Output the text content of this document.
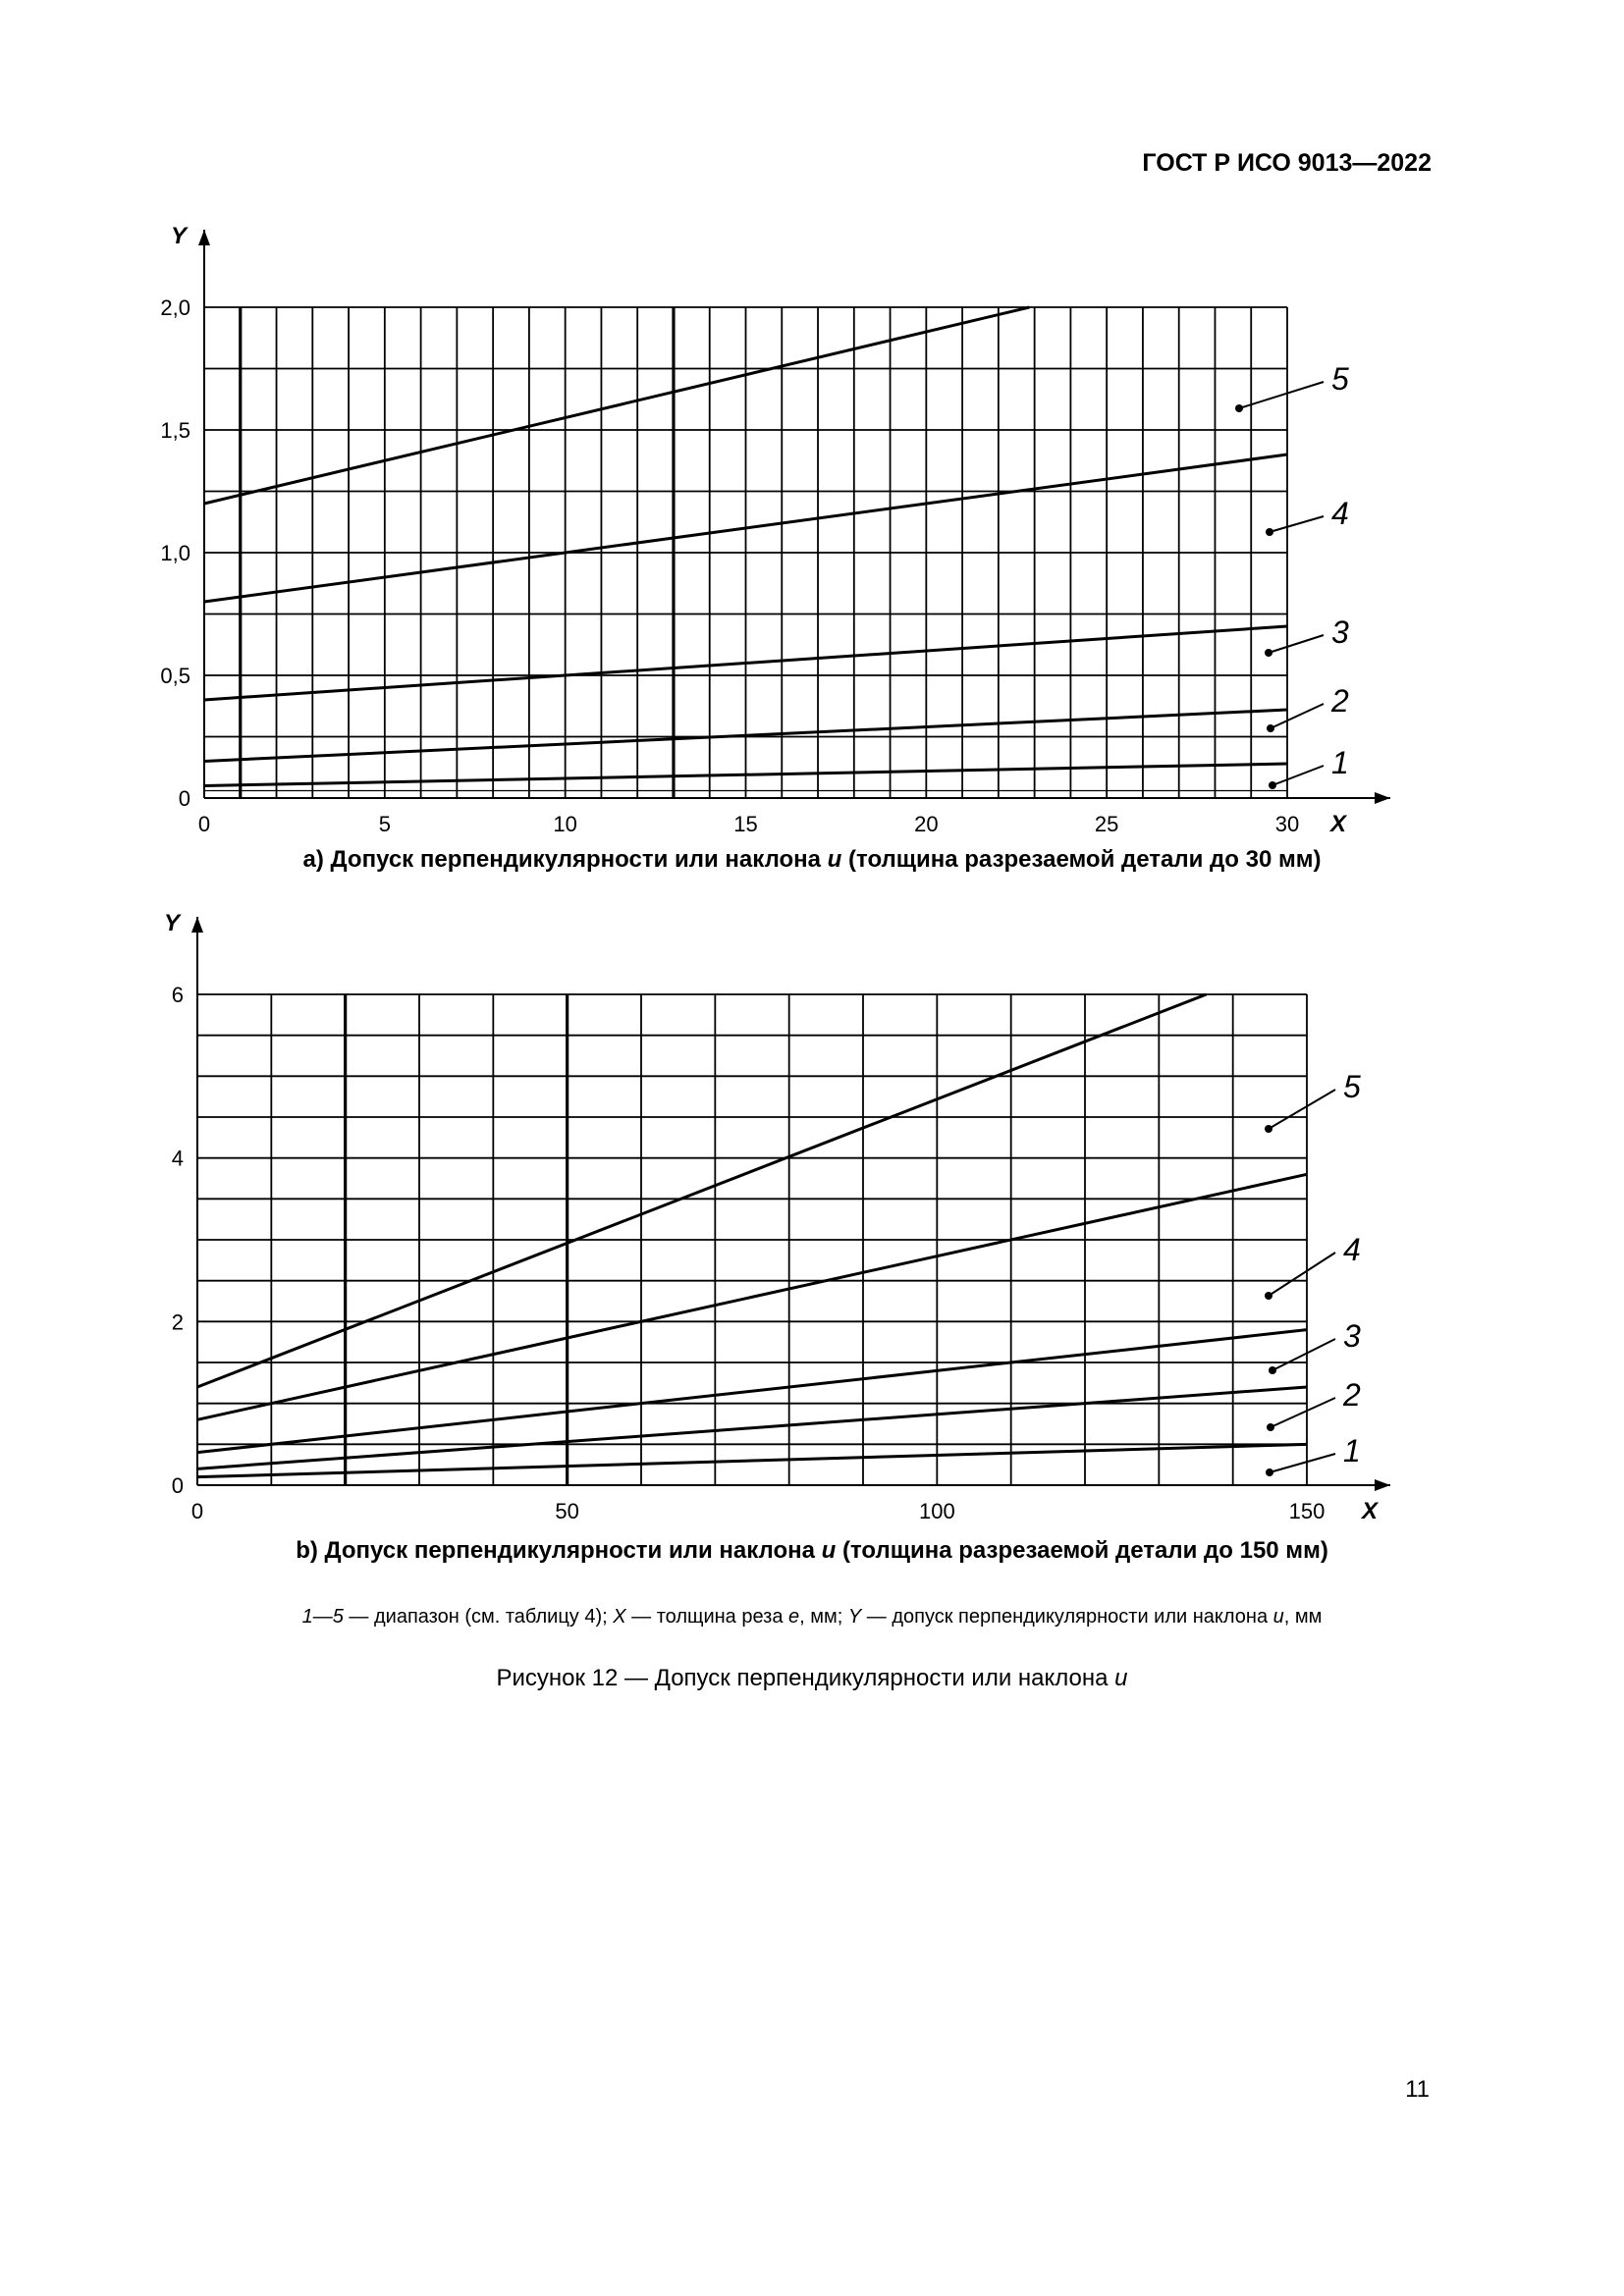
ГОСТ Р ИСО 9013—2022
X
Y
0	5	10	15	20	25	30
0
0,5
1,0
1,5
2,0
1
2
3
4
5
a) Допуск перпендикулярности или наклона u (толщина разрезаемой детали до 30 мм)
X
Y
0	50	100	150
0
2
4
6
1
2
3
4
5
b) Допуск перпендикулярности или наклона u (толщина разрезаемой детали до 150 мм)
1—5 — диапазон (см. таблицу 4); X — толщина реза e, мм; Y — допуск перпендикулярности или наклона u, мм
Рисунок 12 — Допуск перпендикулярности или наклона u
11
